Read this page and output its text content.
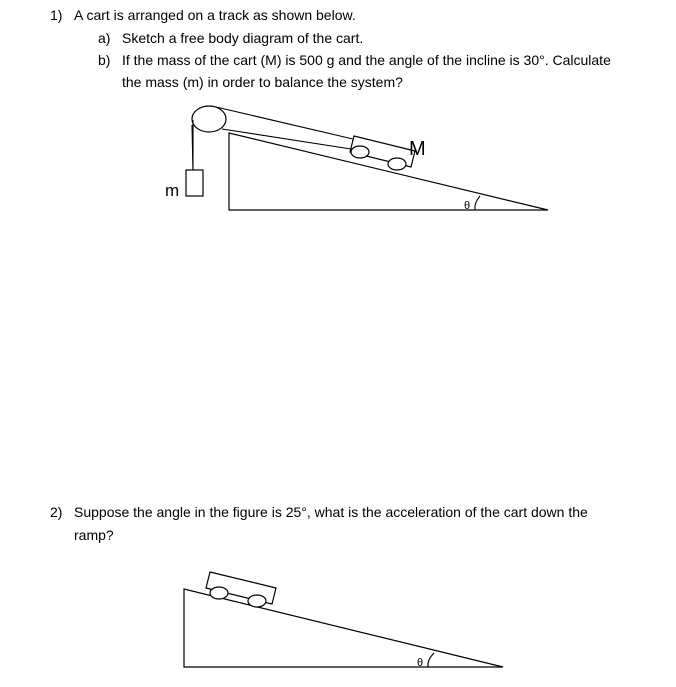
1) A cart is arranged on a track as shown below.
a) Sketch a free body diagram of the cart.
b) If the mass of the cart (M) is 500 g and the angle of the incline is 30°. Calculate
the mass (m) in order to balance the system?
M
m
θ
θ
2) Suppose the angle in the figure is 25°, what is the acceleration of the cart down the
ramp?
